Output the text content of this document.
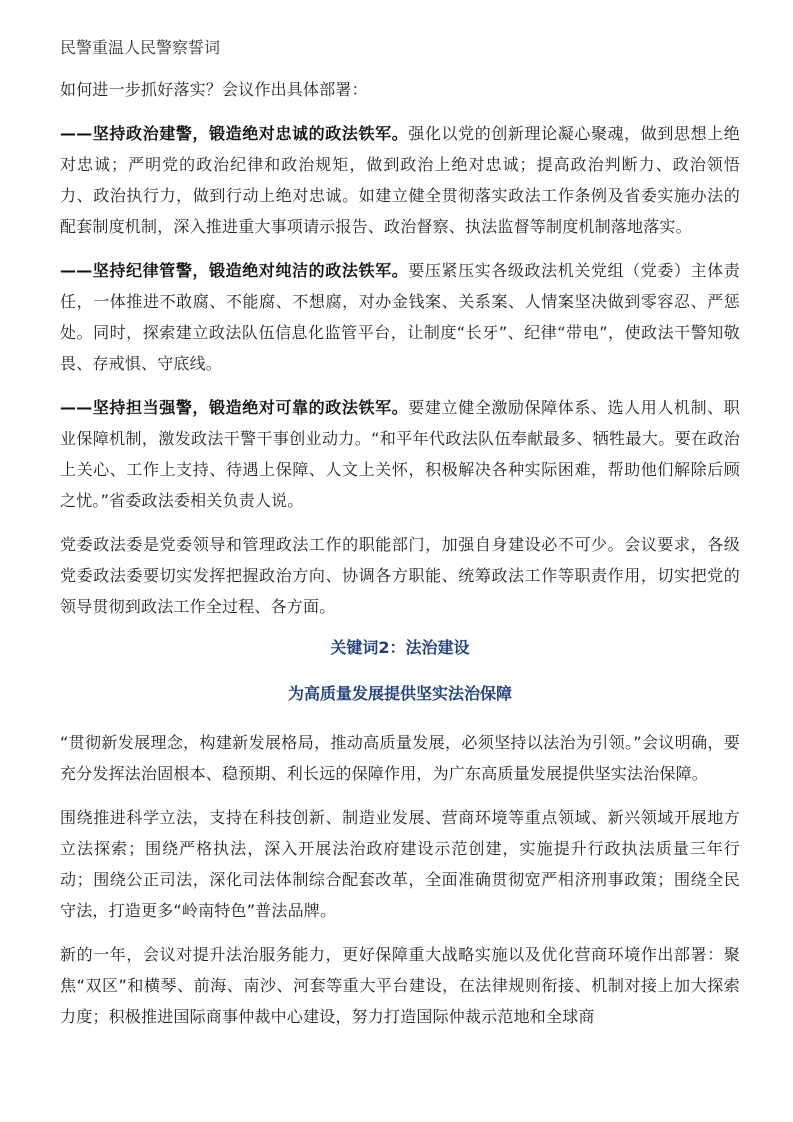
民警重温人民警察誓词

如何进一步抓好落实？会议作出具体部署：

——坚持政治建警，锻造绝对忠诚的政法铁军。强化以党的创新理论凝心聚魂，做到思想上绝对忠诚；严明党的政治纪律和政治规矩，做到政治上绝对忠诚；提高政治判断力、政治领悟力、政治执行力，做到行动上绝对忠诚。如建立健全贯彻落实政法工作条例及省委实施办法的配套制度机制，深入推进重大事项请示报告、政治督察、执法监督等制度机制落地落实。

——坚持纪律管警，锻造绝对纯洁的政法铁军。要压紧压实各级政法机关党组（党委）主体责任，一体推进不敢腐、不能腐、不想腐，对办金钱案、关系案、人情案坚决做到零容忍、严惩处。同时，探索建立政法队伍信息化监管平台，让制度“长牙”、纪律“带电”，使政法干警知敬畏、存戒惧、守底线。

——坚持担当强警，锻造绝对可靠的政法铁军。要建立健全激励保障体系、选人用人机制、职业保障机制，激发政法干警干事创业动力。“和平年代政法队伍奉献最多、牺牲最大。要在政治上关心、工作上支持、待遇上保障、人文上关怀，积极解决各种实际困难，帮助他们解除后顾之忧。”省委政法委相关负责人说。

党委政法委是党委领导和管理政法工作的职能部门，加强自身建设必不可少。会议要求，各级党委政法委要切实发挥把握政治方向、协调各方职能、统筹政法工作等职责作用，切实把党的领导贯彻到政法工作全过程、各方面。

关键词2：法治建设
为高质量发展提供坚实法治保障

“贯彻新发展理念，构建新发展格局，推动高质量发展，必须坚持以法治为引领。”会议明确，要充分发挥法治固根本、稳预期、利长远的保障作用，为广东高质量发展提供坚实法治保障。

围绕推进科学立法，支持在科技创新、制造业发展、营商环境等重点领域、新兴领域开展地方立法探索；围绕严格执法，深入开展法治政府建设示范创建，实施提升行政执法质量三年行动；围绕公正司法，深化司法体制综合配套改革，全面准确贯彻宽严相济刑事政策；围绕全民守法，打造更多“岭南特色”普法品牌。

新的一年，会议对提升法治服务能力，更好保障重大战略实施以及优化营商环境作出部署：聚焦“双区”和横琴、前海、南沙、河套等重大平台建设，在法律规则衔接、机制对接上加大探索力度；积极推进国际商事仲裁中心建设，努力打造国际仲裁示范地和全球商
